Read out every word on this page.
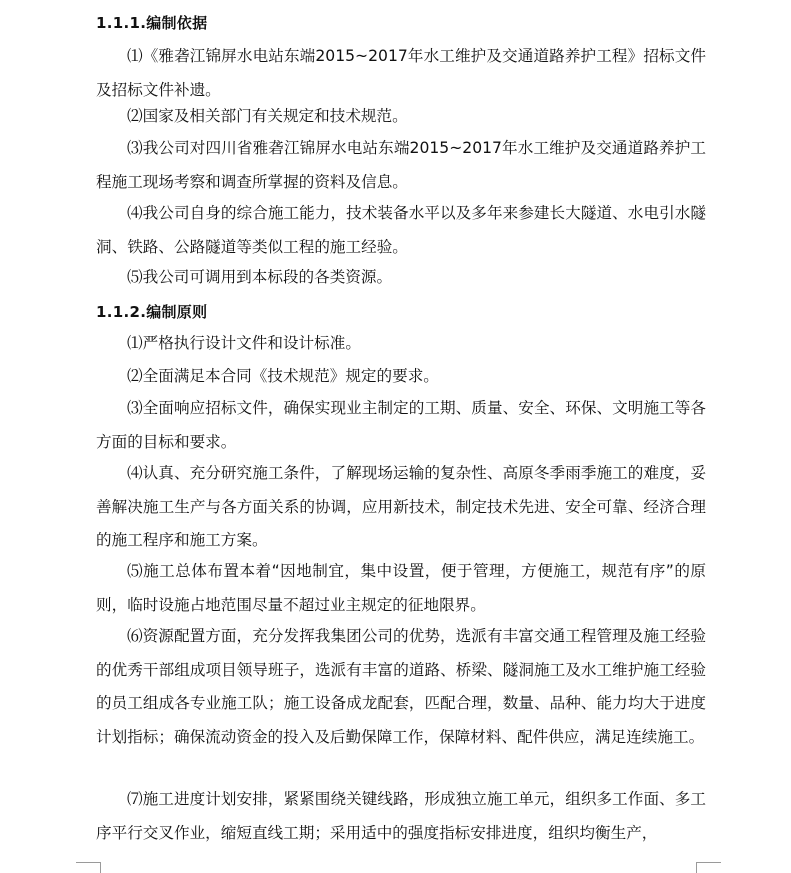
1.1.1.编制依据

⑴《雅砻江锦屏水电站东端2015~2017年水工维护及交通道路养护工程》招标文件及招标文件补遗。

⑵国家及相关部门有关规定和技术规范。

⑶我公司对四川省雅砻江锦屏水电站东端2015~2017年水工维护及交通道路养护工程施工现场考察和调查所掌握的资料及信息。

⑷我公司自身的综合施工能力，技术装备水平以及多年来参建长大隧道、水电引水隧洞、铁路、公路隧道等类似工程的施工经验。

⑸我公司可调用到本标段的各类资源。

1.1.2.编制原则

⑴严格执行设计文件和设计标准。

⑵全面满足本合同《技术规范》规定的要求。

⑶全面响应招标文件，确保实现业主制定的工期、质量、安全、环保、文明施工等各方面的目标和要求。

⑷认真、充分研究施工条件，了解现场运输的复杂性、高原冬季雨季施工的难度，妥善解决施工生产与各方面关系的协调，应用新技术，制定技术先进、安全可靠、经济合理的施工程序和施工方案。

⑸施工总体布置本着“因地制宜，集中设置，便于管理，方便施工，规范有序”的原则，临时设施占地范围尽量不超过业主规定的征地限界。

⑹资源配置方面，充分发挥我集团公司的优势，选派有丰富交通工程管理及施工经验的优秀干部组成项目领导班子，选派有丰富的道路、桥梁、隧洞施工及水工维护施工经验的员工组成各专业施工队；施工设备成龙配套，匹配合理，数量、品种、能力均大于进度计划指标；确保流动资金的投入及后勤保障工作，保障材料、配件供应，满足连续施工。

⑺施工进度计划安排，紧紧围绕关键线路，形成独立施工单元，组织多工作面、多工序平行交叉作业，缩短直线工期；采用适中的强度指标安排进度，组织均衡生产，
